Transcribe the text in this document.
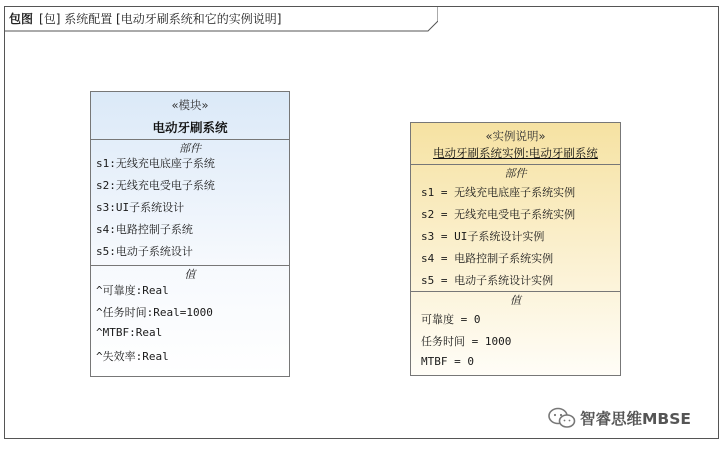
包图 [包] 系统配置 [电动牙刷系统和它的实例说明]
«模块»
电动牙刷系统
部件
s1:无线充电底座子系统
s2:无线充电受电子系统
s3:UI子系统设计
s4:电路控制子系统
s5:电动子系统设计
值
^可靠度:Real
^任务时间:Real=1000
^MTBF:Real
^失效率:Real
«实例说明»
电动牙刷系统实例:电动牙刷系统
部件
s1 = 无线充电底座子系统实例
s2 = 无线充电受电子系统实例
s3 = UI子系统设计实例
s4 = 电路控制子系统实例
s5 = 电动子系统设计实例
值
可靠度 = 0
任务时间 = 1000
MTBF = 0
智睿思维MBSE
